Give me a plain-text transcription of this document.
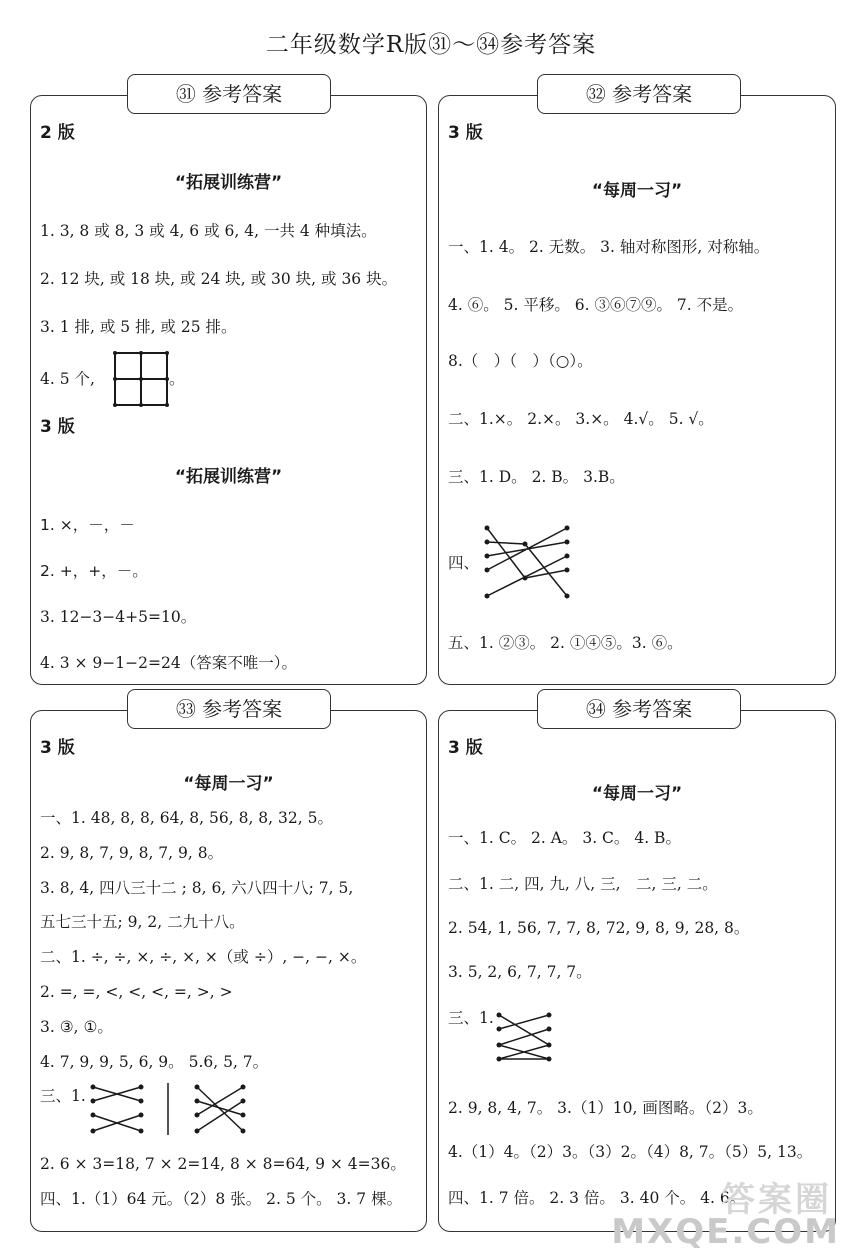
二年级数学R版㉛～㉞参考答案
㉛ 参考答案
2 版
“拓展训练营”
1. 3, 8 或 8, 3 或 4, 6 或 6, 4, 一共 4 种填法。
2. 12 块, 或 18 块, 或 24 块, 或 30 块, 或 36 块。
3. 1 排, 或 5 排, 或 25 排。
4. 5 个,	。
3 版
“拓展训练营”
1. ×，－，－
2. +，+，－。
3. 12−3−4+5=10。
4. 3 × 9−1−2=24（答案不唯一）。
㉜ 参考答案
3 版
“每周一习”
一、1. 4。 2. 无数。 3. 轴对称图形, 对称轴。
4. ⑥。 5. 平移。 6. ③⑥⑦⑨。 7. 不是。
8.（　）（　）（○）。
二、1.×。 2.×。 3.×。 4.√。 5. √。
三、1. D。 2. B。 3.B。
四、
五、1. ②③。 2. ①④⑤。3. ⑥。
㉝ 参考答案
3 版
“每周一习”
一、1. 48, 8, 8, 64, 8, 56, 8, 8, 32, 5。
2. 9, 8, 7, 9, 8, 7, 9, 8。
3. 8, 4, 四八三十二 ; 8, 6, 六八四十八; 7, 5,
五七三十五; 9, 2, 二九十八。
二、1. ÷, ÷, ×, ÷, ×, ×（或 ÷）, −, −, ×。
2. =, =, <, <, <, =, >, >
3. ③, ①。
4. 7, 9, 9, 5, 6, 9。 5.6, 5, 7。
三、1.
2. 6 × 3=18, 7 × 2=14, 8 × 8=64, 9 × 4=36。
四、1.（1）64 元。（2）8 张。 2. 5 个。 3. 7 棵。
㉞ 参考答案
3 版
“每周一习”
一、1. C。 2. A。 3. C。 4. B。
二、1. 二, 四, 九, 八, 三,　二, 三, 二。
2. 54, 1, 56, 7, 7, 8, 72, 9, 8, 9, 28, 8。
3. 5, 2, 6, 7, 7, 7。
三、1.
2. 9, 8, 4, 7。 3.（1）10, 画图略。（2）3。
4.（1）4。（2）3。（3）2。（4）8, 7。（5）5, 13。
四、1. 7 倍。 2. 3 倍。 3. 40 个。 4. 6。
答案圈
MXQE.COM
